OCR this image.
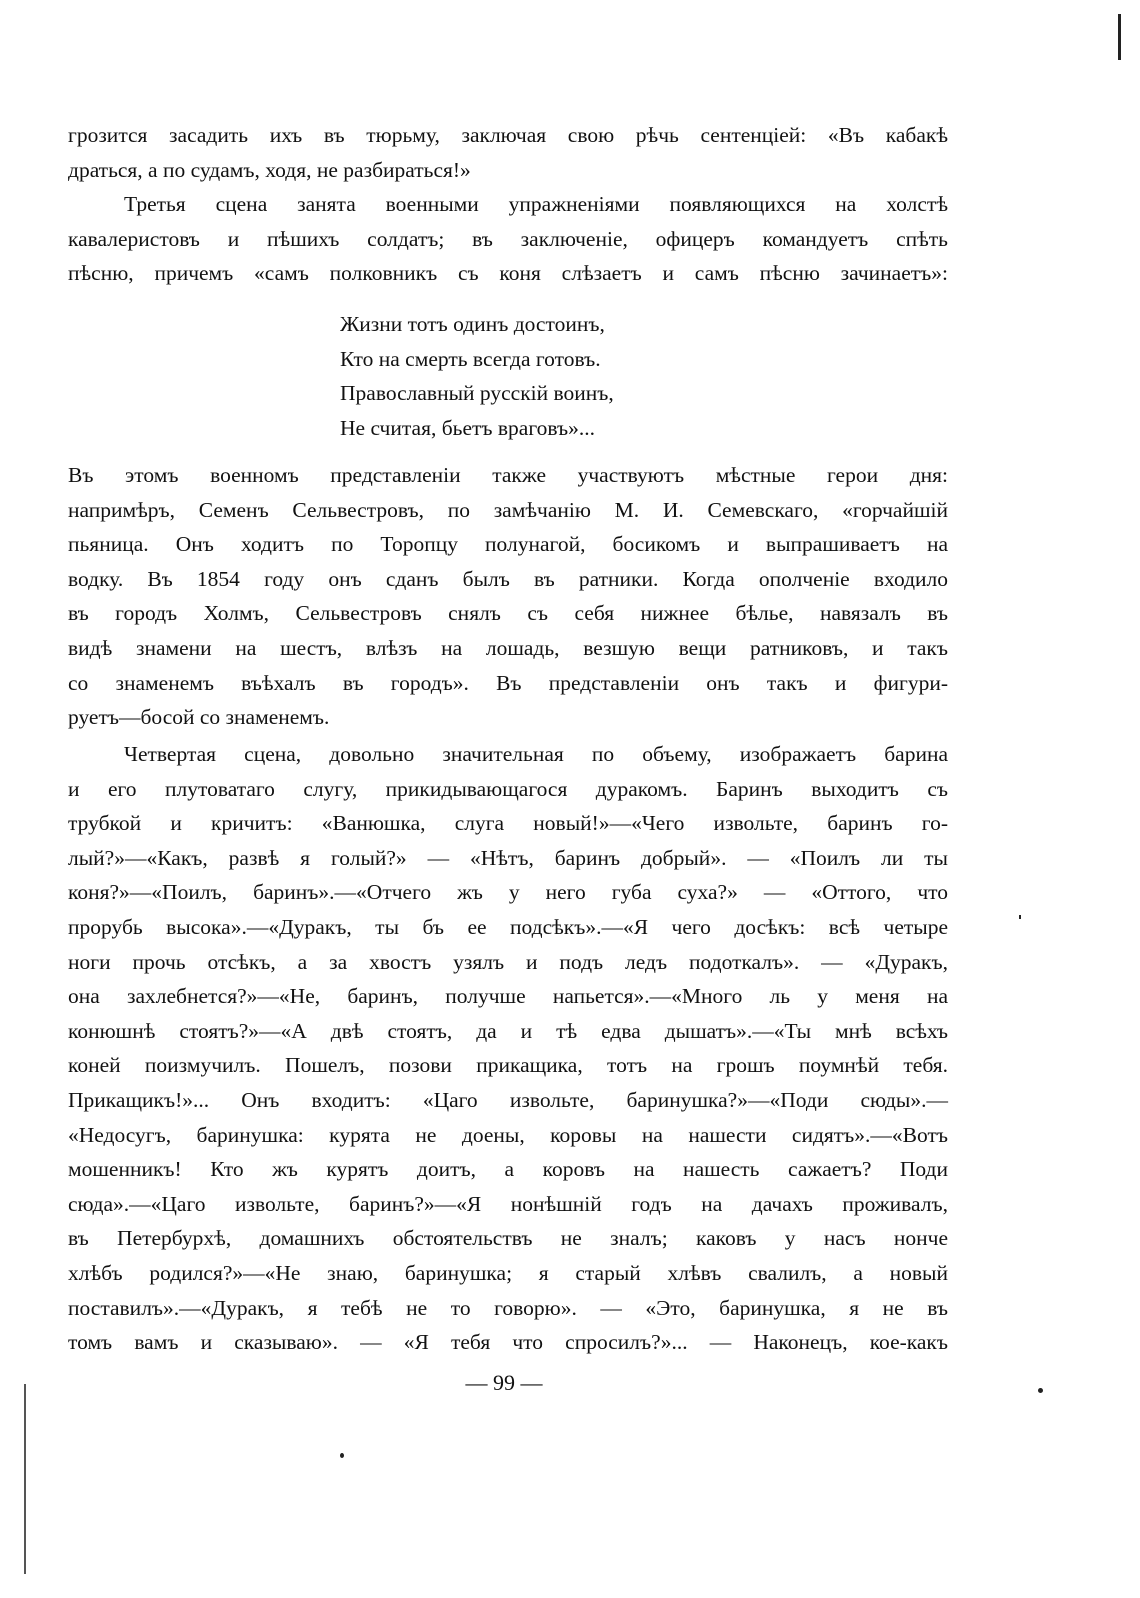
грозится засадить ихъ въ тюрьму, заключая свою рѣчь сентенціей: «Въ кабакѣ
драться, а по судамъ, ходя, не разбираться!»
Третья сцена занята военными упражненіями появляющихся на холстѣ
кавалеристовъ и пѣшихъ солдатъ; въ заключеніе, офицеръ командуетъ спѣть
пѣсню, причемъ «самъ полковникъ съ коня слѣзаетъ и самъ пѣсню зачинаетъ»:
Жизни тотъ одинъ достоинъ,
Кто на смерть всегда готовъ.
Православный русскій воинъ,
Не считая, бьетъ враговъ»...
Въ этомъ военномъ представленіи также участвуютъ мѣстные герои дня:
напримѣръ, Семенъ Сельвестровъ, по замѣчанію М. И. Семевскаго, «горчайшій
пьяница. Онъ ходитъ по Торопцу полунагой, босикомъ и выпрашиваетъ на
водку. Въ 1854 году онъ сданъ былъ въ ратники. Когда ополченіе входило
въ городъ Холмъ, Сельвестровъ снялъ съ себя нижнее бѣлье, навязалъ въ
видѣ знамени на шестъ, влѣзъ на лошадь, везшую вещи ратниковъ, и такъ
со знаменемъ въѣхалъ въ городъ». Въ представленіи онъ такъ и фигури-
руетъ—босой со знаменемъ.
Четвертая сцена, довольно значительная по объему, изображаетъ барина
и его плутоватаго слугу, прикидывающагося дуракомъ. Баринъ выходитъ съ
трубкой и кричитъ: «Ванюшка, слуга новый!»—«Чего извольте, баринъ го-
лый?»—«Какъ, развѣ я голый?» — «Нѣтъ, баринъ добрый». — «Поилъ ли ты
коня?»—«Поилъ, баринъ».—«Отчего жъ у него губа суха?» — «Оттого, что
прорубь высока».—«Дуракъ, ты бъ ее подсѣкъ».—«Я чего досѣкъ: всѣ четыре
ноги прочь отсѣкъ, а за хвостъ узялъ и подъ ледъ подоткалъ». — «Дуракъ,
она захлебнется?»—«Не, баринъ, получше напьется».—«Много ль у меня на
конюшнѣ стоятъ?»—«А двѣ стоятъ, да и тѣ едва дышатъ».—«Ты мнѣ всѣхъ
коней поизмучилъ. Пошелъ, позови прикащика, тотъ на грошъ поумнѣй тебя.
Прикащикъ!»... Онъ входитъ: «Цаго извольте, баринушка?»—«Поди сюды».—
«Недосугъ, баринушка: курята не доены, коровы на нашести сидятъ».—«Вотъ
мошенникъ! Кто жъ курятъ доитъ, а коровъ на нашесть сажаетъ? Поди
сюда».—«Цаго извольте, баринъ?»—«Я нонѣшній годъ на дачахъ проживалъ,
въ Петербурхѣ, домашнихъ обстоятельствъ не зналъ; каковъ у насъ нонче
хлѣбъ родился?»—«Не знаю, баринушка; я старый хлѣвъ свалилъ, а новый
поставилъ».—«Дуракъ, я тебѣ не то говорю». — «Это, баринушка, я не въ
томъ вамъ и сказываю». — «Я тебя что спросилъ?»... — Наконецъ, кое-какъ
— 99 —
